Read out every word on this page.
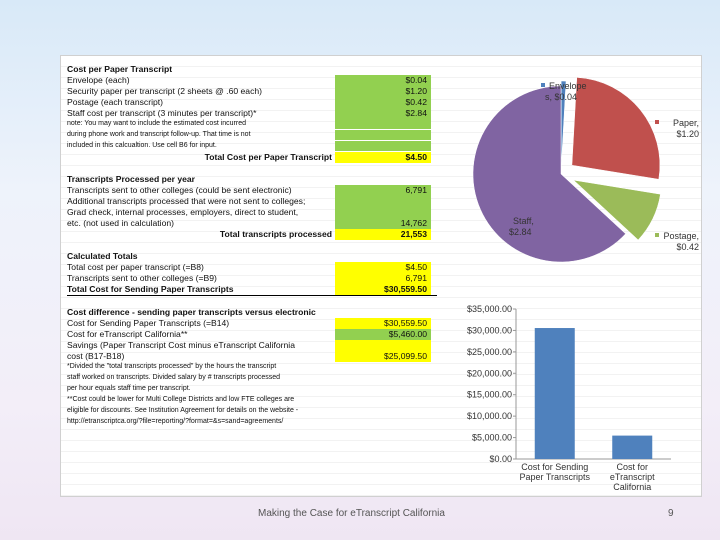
Cost per Paper Transcript
Envelope (each)	$0.04
Security paper per transcript (2 sheets @ .60 each)	$1.20
Postage (each transcript)	$0.42
Staff cost per transcript (3 minutes per transcript)*	$2.84
note: You may want to include the estimated cost incurred

during phone work and transcript follow-up. That time is not

included in this calcualtion. Use cell B6 for input.

Total Cost per Paper Transcript	$4.50
Transcripts Processed per year
Transcripts sent to other colleges (could be sent electronic)	6,791
Additional transcripts processed that were not sent to colleges;

Grad check, internal processes, employers, direct to student,

etc. (not used in calculation)	14,762
Total transcripts processed	21,553
Calculated Totals
Total cost per paper transcript (=B8)	$4.50
Transcripts sent to other colleges (=B9)	6,791
Total Cost for Sending Paper Transcripts	$30,559.50
Cost difference - sending paper transcripts versus electronic
Cost for Sending Paper Transcripts (=B14)	$30,559.50
Cost for eTranscript California**	$5,460.00
Savings (Paper Transcript Cost minus eTranscript California

cost (B17-B18)	$25,099.50
*Divided the "total transcripts processed" by the hours the transcript
staff worked on transcripts. Divided salary by # transcripts processed
per hour equals staff time per transcript.
**Cost could be lower for Multi College Districts and low FTE colleges are
eligible for discounts. See Institution Agreement for details on the website -
http://etranscriptca.org/?file=reporting/?format=&s=sand=agreements/
Envelope
s, $0.04
Paper,
$1.20
Postage,
$0.42
Staff,
$2.84
$0.00
$5,000.00
$10,000.00
$15,000.00
$20,000.00
$25,000.00
$30,000.00
$35,000.00
Cost for Sending
Paper Transcripts
Cost for
eTranscript
California
Making the Case for eTranscript California	9
